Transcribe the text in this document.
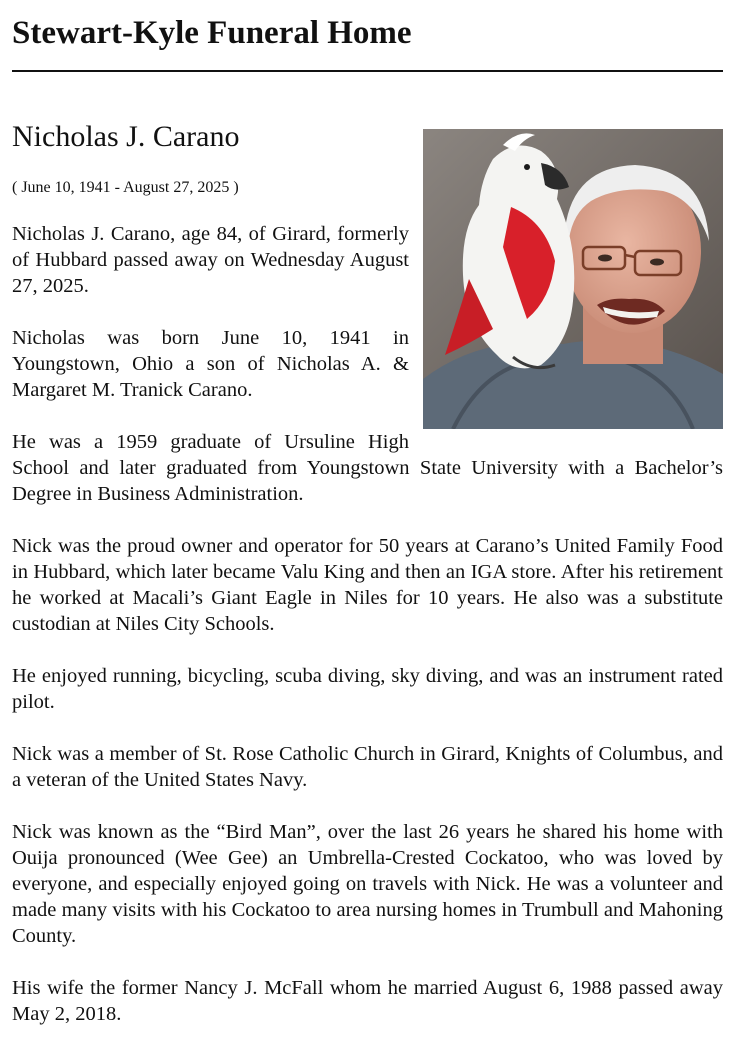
Stewart-Kyle Funeral Home
Nicholas J. Carano
( June 10, 1941 - August 27, 2025 )

Nicholas J. Carano, age 84, of Girard, formerly of Hubbard passed away on Wednesday August 27, 2025.

Nicholas was born June 10, 1941 in Youngstown, Ohio a son of Nicholas A. & Margaret M. Tranick Carano.

He was a 1959 graduate of Ursuline High School and later graduated from Youngstown State University with a Bachelor’s Degree in Business Administration.

Nick was the proud owner and operator for 50 years at Carano’s United Family Food in Hubbard, which later became Valu King and then an IGA store. After his retirement he worked at Macali’s Giant Eagle in Niles for 10 years. He also was a substitute custodian at Niles City Schools.

He enjoyed running, bicycling, scuba diving, sky diving, and was an instrument rated pilot.

Nick was a member of St. Rose Catholic Church in Girard, Knights of Columbus, and a veteran of the United States Navy.

Nick was known as the “Bird Man”, over the last 26 years he shared his home with Ouija pronounced (Wee Gee) an Umbrella-Crested Cockatoo, who was loved by everyone, and especially enjoyed going on travels with Nick. He was a volunteer and made many visits with his Cockatoo to area nursing homes in Trumbull and Mahoning County.

His wife the former Nancy J. McFall whom he married August 6, 1988 passed away May 2, 2018.
